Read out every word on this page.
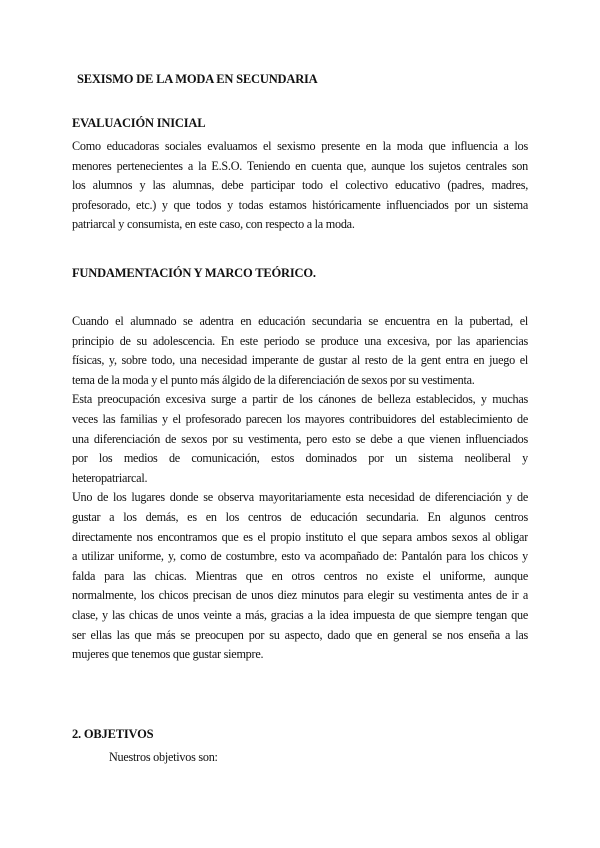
SEXISMO DE LA MODA EN SECUNDARIA
EVALUACIÓN INICIAL
Como educadoras sociales evaluamos el sexismo presente en la moda que influencia a los
menores pertenecientes a la E.S.O. Teniendo en cuenta que, aunque los sujetos centrales son
los alumnos y las alumnas, debe participar todo el colectivo educativo (padres, madres,
profesorado, etc.) y que todos y todas estamos históricamente influenciados por un sistema
patriarcal y consumista, en este caso, con respecto a la moda.
FUNDAMENTACIÓN Y MARCO TEÓRICO.
Cuando el alumnado se adentra en educación secundaria se encuentra en la pubertad, el
principio de su adolescencia. En este periodo se produce una excesiva, por las apariencias
físicas, y, sobre todo, una necesidad imperante de gustar al resto de la gent entra en juego el
tema de la moda y el punto más álgido de la diferenciación de sexos por su vestimenta.
Esta preocupación excesiva surge a partir de los cánones de belleza establecidos, y muchas
veces las familias y el profesorado parecen los mayores contribuidores del establecimiento de
una diferenciación de sexos por su vestimenta, pero esto se debe a que vienen influenciados
por los medios de comunicación, estos dominados por un sistema neoliberal y
heteropatriarcal.
Uno de los lugares donde se observa mayoritariamente esta necesidad de diferenciación y de
gustar a los demás, es en los centros de educación secundaria. En algunos centros
directamente nos encontramos que es el propio instituto el que separa ambos sexos al obligar
a utilizar uniforme, y, como de costumbre, esto va acompañado de: Pantalón para los chicos y
falda para las chicas. Mientras que en otros centros no existe el uniforme, aunque
normalmente, los chicos precisan de unos diez minutos para elegir su vestimenta antes de ir a
clase, y las chicas de unos veinte a más, gracias a la idea impuesta de que siempre tengan que
ser ellas las que más se preocupen por su aspecto, dado que en general se nos enseña a las
mujeres que tenemos que gustar siempre.
2. OBJETIVOS
Nuestros objetivos son:
